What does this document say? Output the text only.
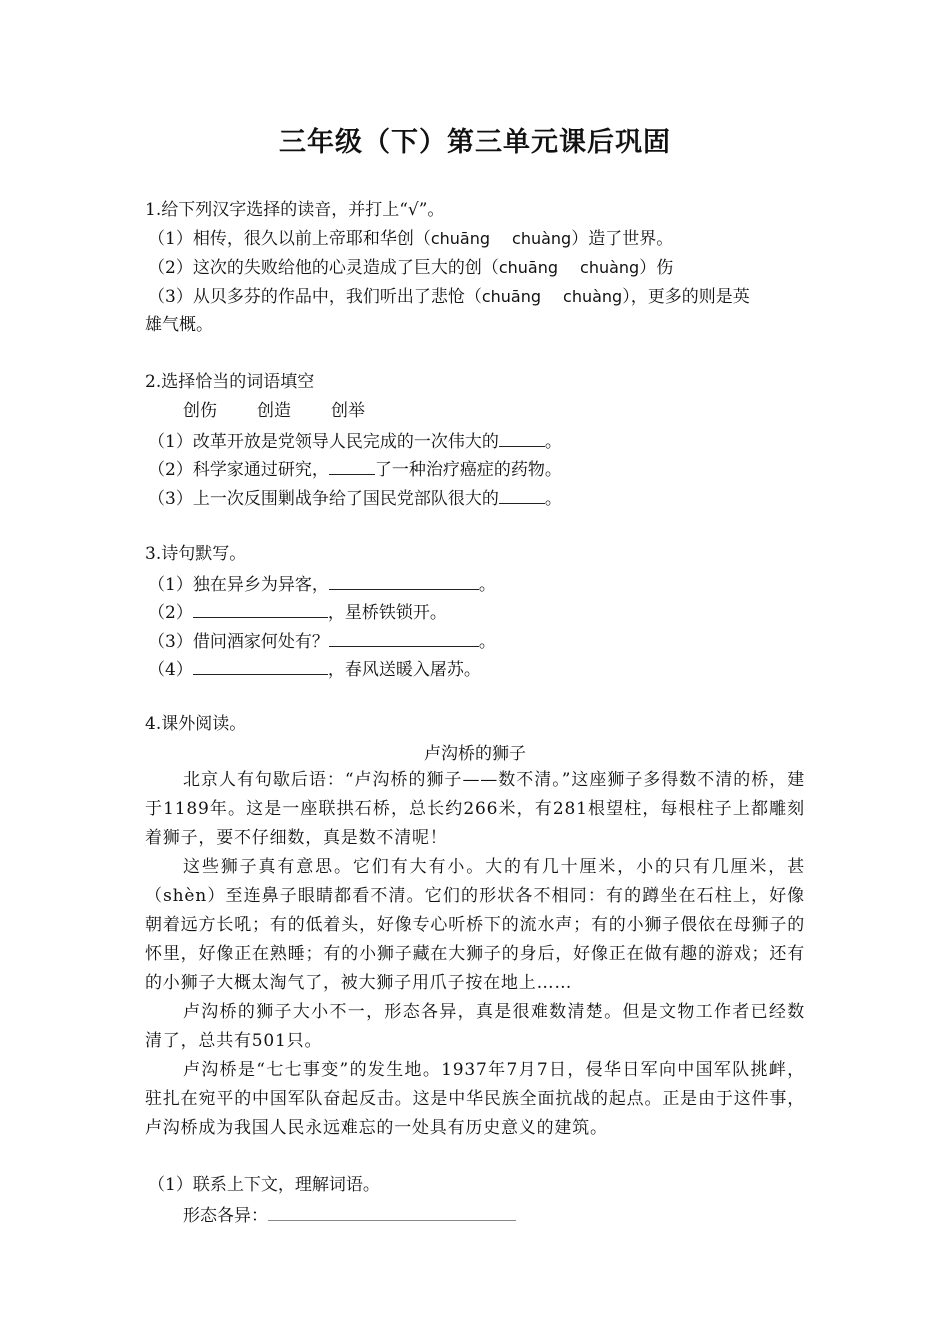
三年级（下）第三单元课后巩固
1.给下列汉字选择的读音，并打上“√”。
（1）相传，很久以前上帝耶和华创（chuāng chuàng）造了世界。
（2）这次的失败给他的心灵造成了巨大的创（chuāng chuàng）伤
（3）从贝多芬的作品中，我们听出了悲怆（chuāng chuàng），更多的则是英
雄气概。
2.选择恰当的词语填空
创伤 创造 创举
（1）改革开放是党领导人民完成的一次伟大的	。
（2）科学家通过研究，	了一种治疗癌症的药物。
（3）上一次反围剿战争给了国民党部队很大的	。
3.诗句默写。
（1）独在异乡为异客，	。
（2）	，星桥铁锁开。
（3）借问酒家何处有？	。
（4）	，春风送暖入屠苏。
4.课外阅读。
卢沟桥的狮子

北京人有句歇后语：“卢沟桥的狮子——数不清。”这座狮子多得数不清的桥，建于1189年。这是一座联拱石桥，总长约266米，有281根望柱，每根柱子上都雕刻着狮子，要不仔细数，真是数不清呢！

这些狮子真有意思。它们有大有小。大的有几十厘米，小的只有几厘米，甚（shèn）至连鼻子眼睛都看不清。它们的形状各不相同：有的蹲坐在石柱上，好像朝着远方长吼；有的低着头，好像专心听桥下的流水声；有的小狮子偎依在母狮子的怀里，好像正在熟睡；有的小狮子藏在大狮子的身后，好像正在做有趣的游戏；还有的小狮子大概太淘气了，被大狮子用爪子按在地上……

卢沟桥的狮子大小不一，形态各异，真是很难数清楚。但是文物工作者已经数清了，总共有501只。

卢沟桥是“七七事变”的发生地。1937年7月7日，侵华日军向中国军队挑衅，驻扎在宛平的中国军队奋起反击。这是中华民族全面抗战的起点。正是由于这件事，卢沟桥成为我国人民永远难忘的一处具有历史意义的建筑。

（1）联系上下文，理解词语。
形态各异：
